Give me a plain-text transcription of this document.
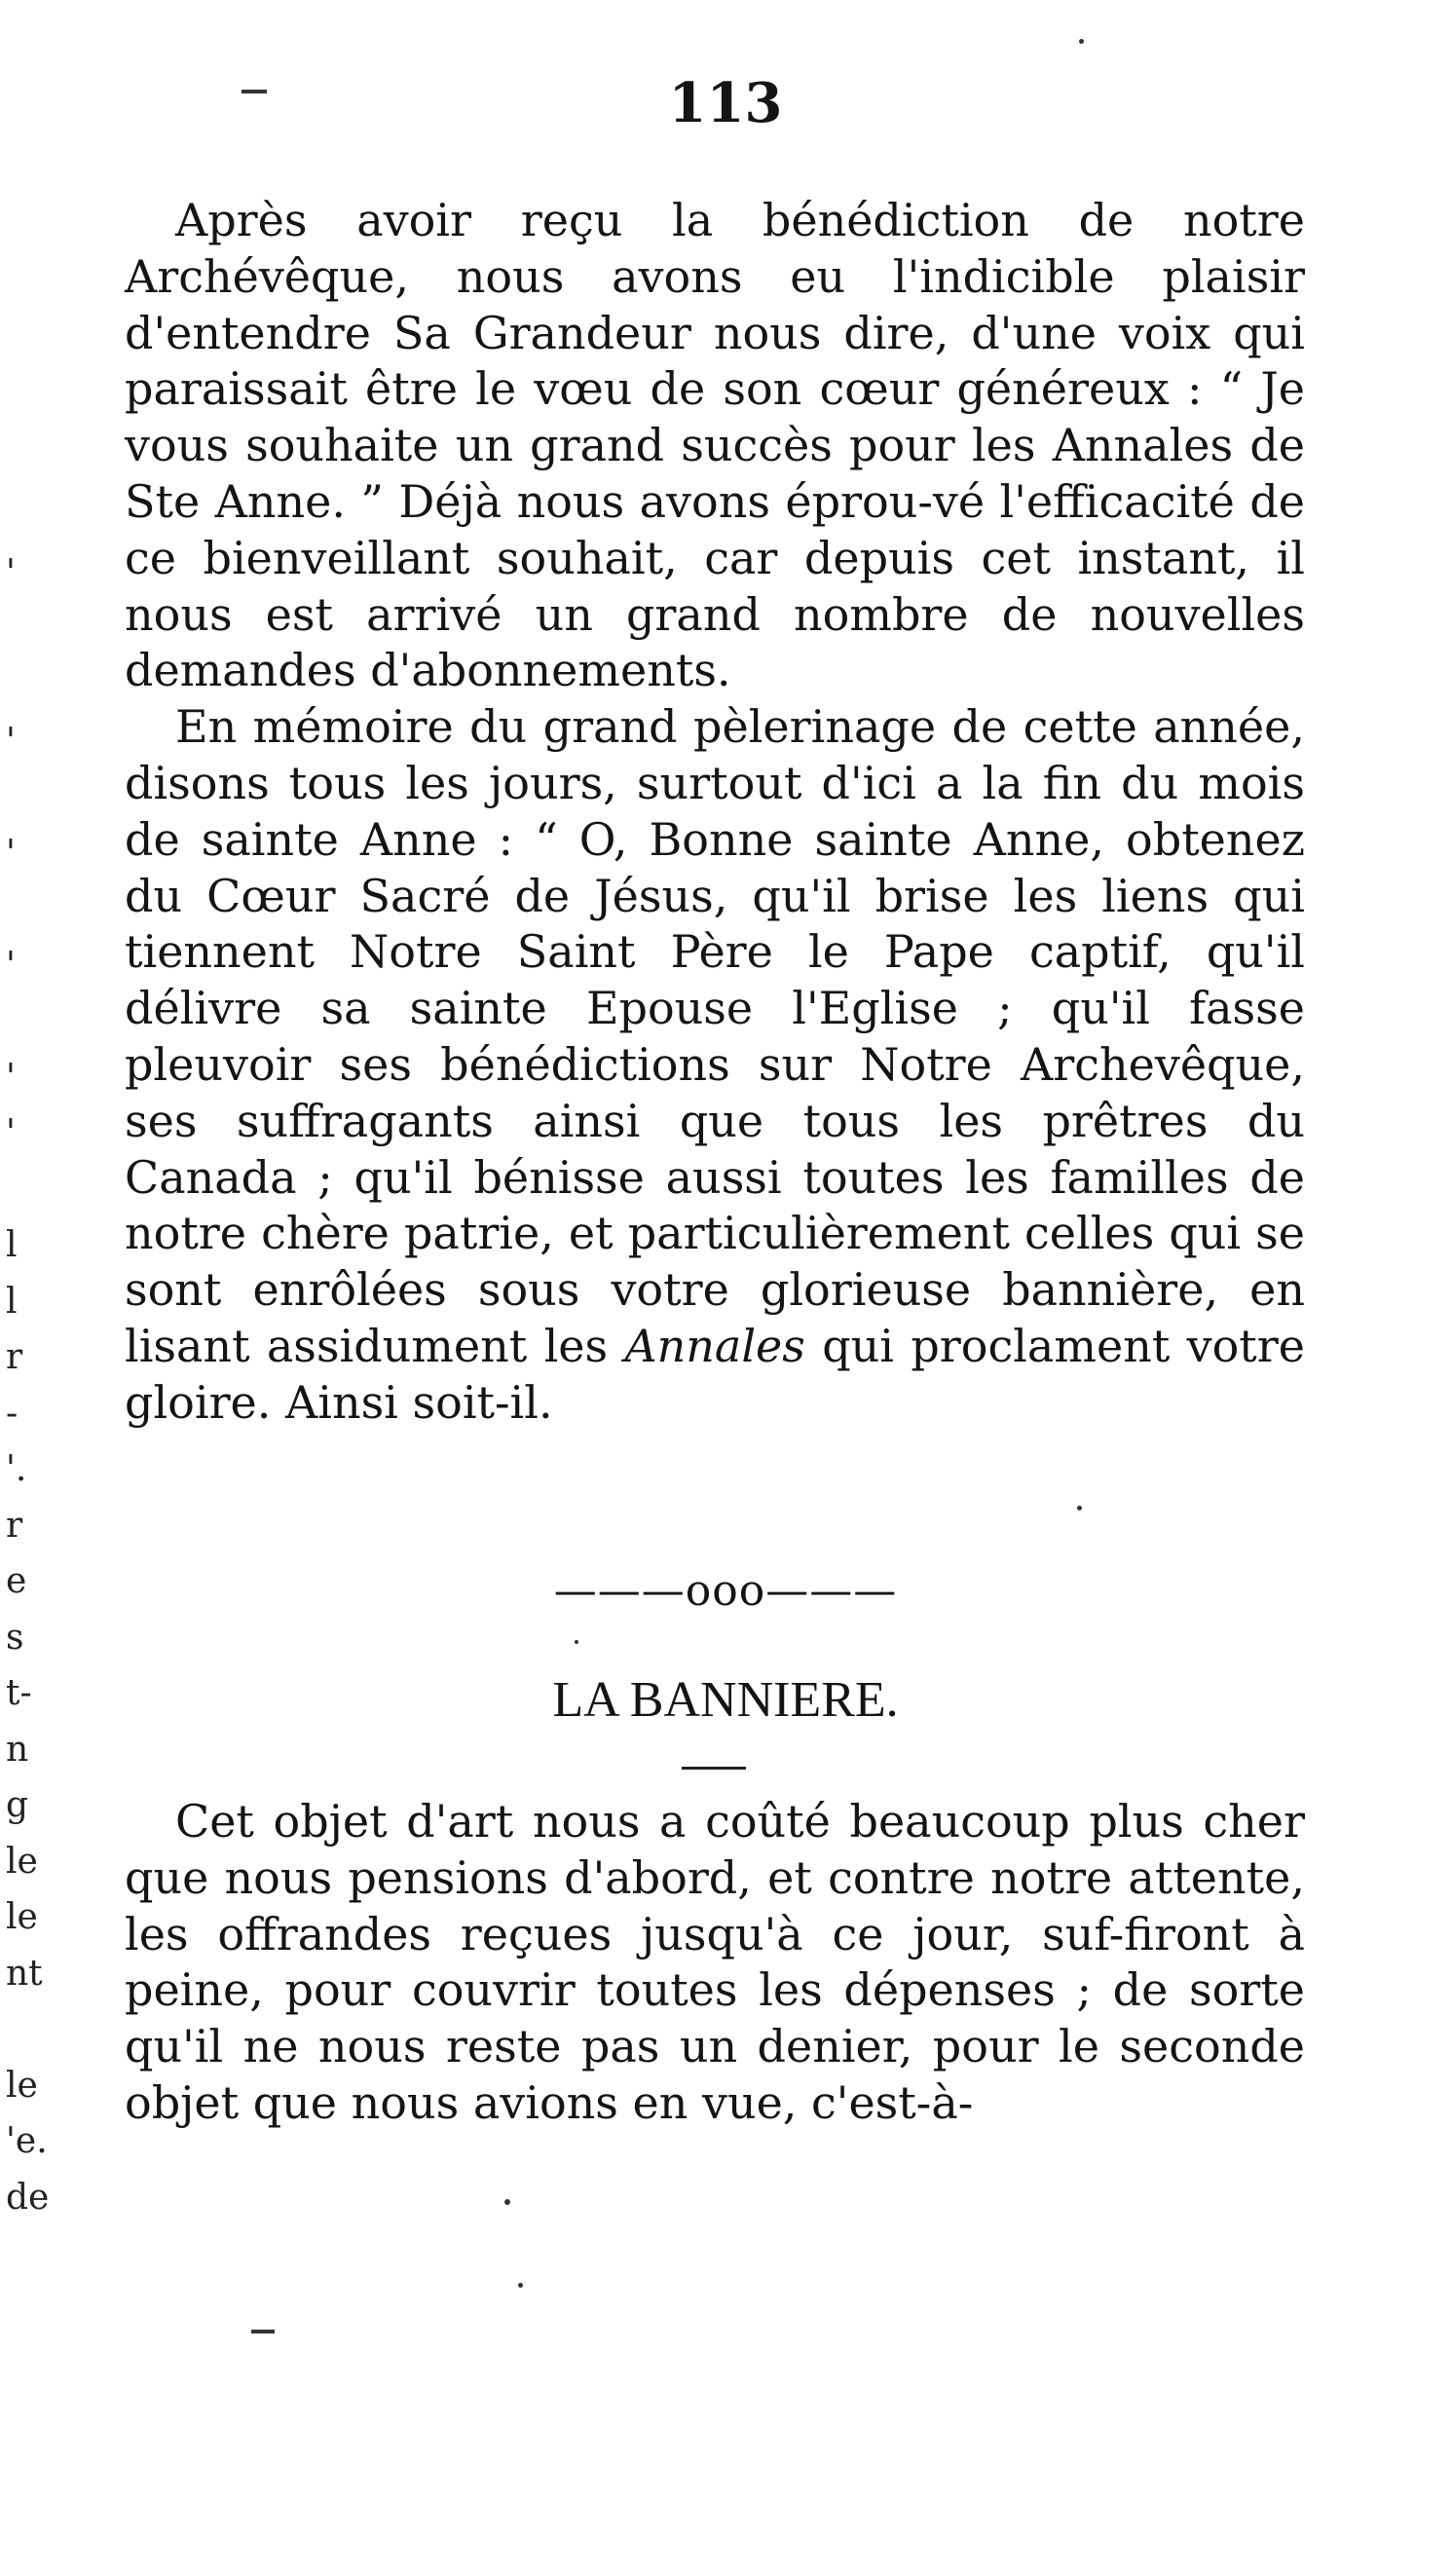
113

Après avoir reçu la bénédiction de notre Archévêque, nous avons eu l'indicible plaisir d'entendre Sa Grandeur nous dire, d'une voix qui paraissait être le vœu de son cœur généreux : “ Je vous souhaite un grand succès pour les Annales de Ste Anne. ” Déjà nous avons éprou-vé l'efficacité de ce bienveillant souhait, car depuis cet instant, il nous est arrivé un grand nombre de nouvelles demandes d'abonnements.

En mémoire du grand pèlerinage de cette année, disons tous les jours, surtout d'ici a la fin du mois de sainte Anne : “ O, Bonne sainte Anne, obtenez du Cœur Sacré de Jésus, qu'il brise les liens qui tiennent Notre Saint Père le Pape captif, qu'il délivre sa sainte Epouse l'Eglise ; qu'il fasse pleuvoir ses bénédictions sur Notre Archevêque, ses suffragants ainsi que tous les prêtres du Canada ; qu'il bénisse aussi toutes les familles de notre chère patrie, et particulièrement celles qui se sont enrôlées sous votre glorieuse bannière, en lisant assidument les Annales qui proclament votre gloire. Ainsi soit-il.

———ooo———
LA BANNIERE.

Cet objet d'art nous a coûté beaucoup plus cher que nous pensions d'abord, et contre notre attente, les offrandes reçues jusqu'à ce jour, suf-firont à peine, pour couvrir toutes les dépenses ; de sorte qu'il ne nous reste pas un denier, pour le seconde objet que nous avions en vue, c'est-à-

'
'
'
'
'
'
l
l
r
-
'.
r
e
s
t-
n
g
le
le
nt
le
'e.
de
